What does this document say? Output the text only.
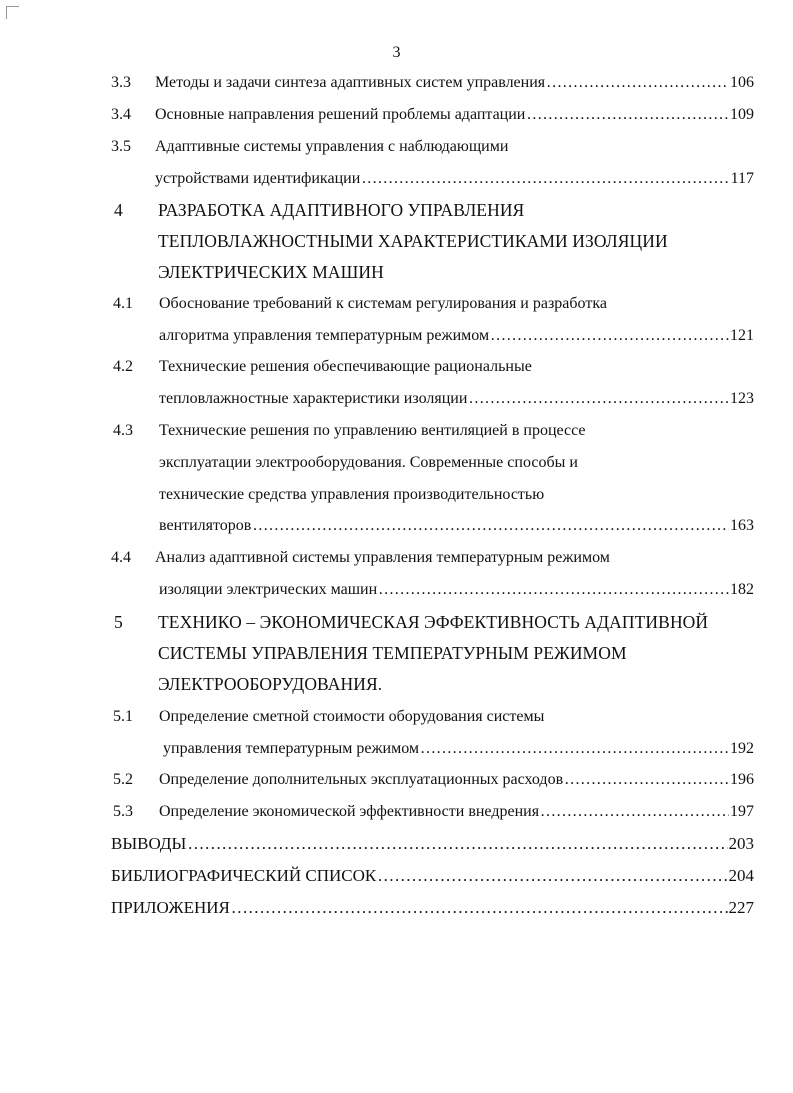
3
3.3 Методы и задачи синтеза адаптивных систем управления ………………………………………………………………………………………………………………………………………………………………………………………………	106
3.4 Основные направления решений проблемы адаптации ………………………………………………………………………………………………………………………………………………………………………………………………	109
3.5 Адаптивные системы управления с наблюдающими
устройствами идентификации ………………………………………………………………………………………………………………………………………………………………………………………………	117
4 РАЗРАБОТКА АДАПТИВНОГО УПРАВЛЕНИЯ
ТЕПЛОВЛАЖНОСТНЫМИ ХАРАКТЕРИСТИКАМИ ИЗОЛЯЦИИ
ЭЛЕКТРИЧЕСКИХ МАШИН
4.1 Обоснование требований к системам регулирования и разработка
алгоритма управления температурным режимом ………………………………………………………………………………………………………………………………………………………………………………………………	121
4.2 Технические решения обеспечивающие рациональные
тепловлажностные характеристики изоляции ………………………………………………………………………………………………………………………………………………………………………………………………	123
4.3 Технические решения по управлению вентиляцией в процессе
эксплуатации электрооборудования. Современные способы и
технические средства управления производительностью
вентиляторов ………………………………………………………………………………………………………………………………………………………………………………………………	163
4.4 Анализ адаптивной системы управления температурным режимом
изоляции электрических машин ………………………………………………………………………………………………………………………………………………………………………………………………	182
5 ТЕХНИКО – ЭКОНОМИЧЕСКАЯ ЭФФЕКТИВНОСТЬ АДАПТИВНОЙ
СИСТЕМЫ УПРАВЛЕНИЯ ТЕМПЕРАТУРНЫМ РЕЖИМОМ
ЭЛЕКТРООБОРУДОВАНИЯ.
5.1 Определение сметной стоимости оборудования системы
управления температурным режимом ………………………………………………………………………………………………………………………………………………………………………………………………	192
5.2 Определение дополнительных эксплуатационных расходов ………………………………………………………………………………………………………………………………………………………………………………………………	196
5.3 Определение экономической эффективности внедрения ………………………………………………………………………………………………………………………………………………………………………………………………	197
ВЫВОДЫ ………………………………………………………………………………………………………………………………………………………………………………………………	203
БИБЛИОГРАФИЧЕСКИЙ СПИСОК ………………………………………………………………………………………………………………………………………………………………………………………………	204
ПРИЛОЖЕНИЯ ………………………………………………………………………………………………………………………………………………………………………………………………	227
